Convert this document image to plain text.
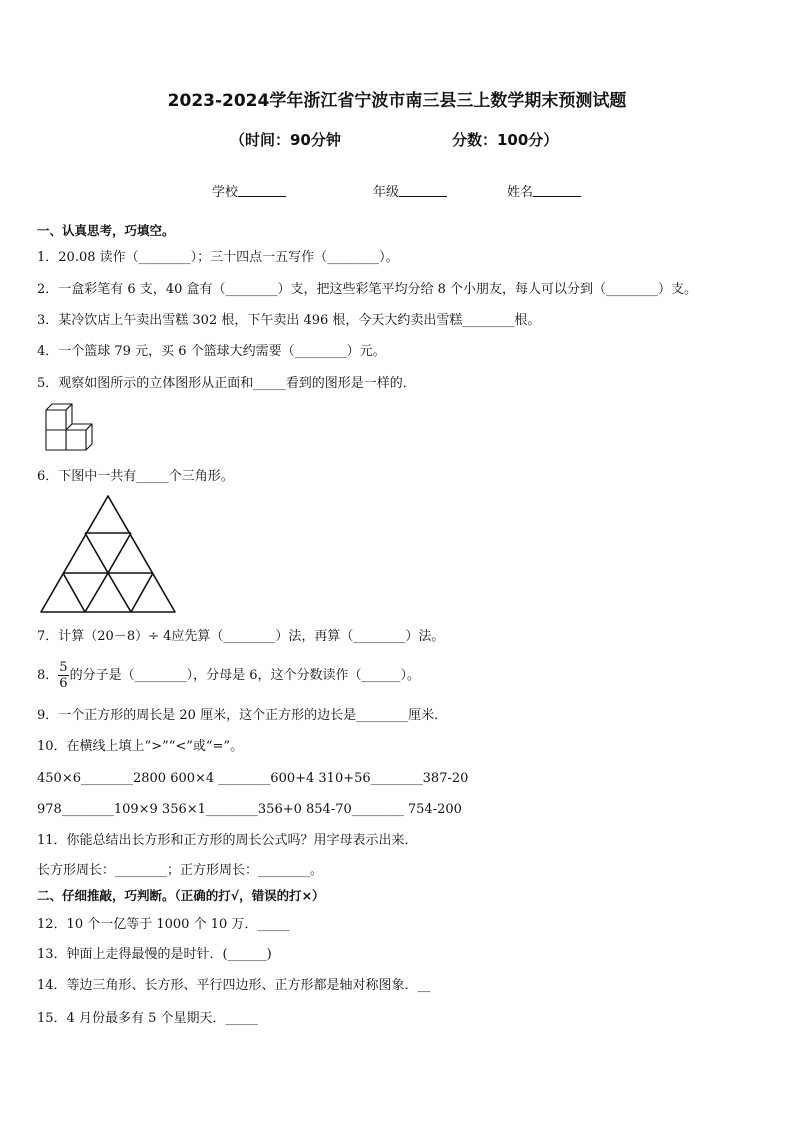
2023-2024学年浙江省宁波市南三县三上数学期末预测试题
（时间：90分钟	分数：100分）
学校	年级	姓名
一、认真思考，巧填空。
1．20.08 读作（________）；三十四点一五写作（________）。
2．一盒彩笔有 6 支，40 盒有（________）支，把这些彩笔平均分给 8 个小朋友，每人可以分到（________）支。
3．某冷饮店上午卖出雪糕 302 根，下午卖出 496 根，今天大约卖出雪糕________根。
4．一个篮球 79 元，买 6 个篮球大约需要（________）元。
5．观察如图所示的立体图形从正面和_____看到的图形是一样的．
6．下图中一共有_____个三角形。
7．计算（20－8）÷ 4应先算（________）法，再算（________）法。
8． $\frac{5}{6}$ 的分子是（________），分母是 6，这个分数读作（______）。
9．一个正方形的周长是 20 厘米，这个正方形的边长是________厘米．
10．在横线上填上“>”“<”或“=”。
450×6________2800 600×4 ________600+4 310+56________387-20
978________109×9 356×1________356+0 854-70________ 754-200
11．你能总结出长方形和正方形的周长公式吗？用字母表示出来．
长方形周长：________；正方形周长：________。
二、仔细推敲，巧判断。（正确的打√，错误的打×）
12．10 个一亿等于 1000 个 10 万．_____
13．钟面上走得最慢的是时针．(______)
14．等边三角形、长方形、平行四边形、正方形都是轴对称图象．__
15．4 月份最多有 5 个星期天．_____
